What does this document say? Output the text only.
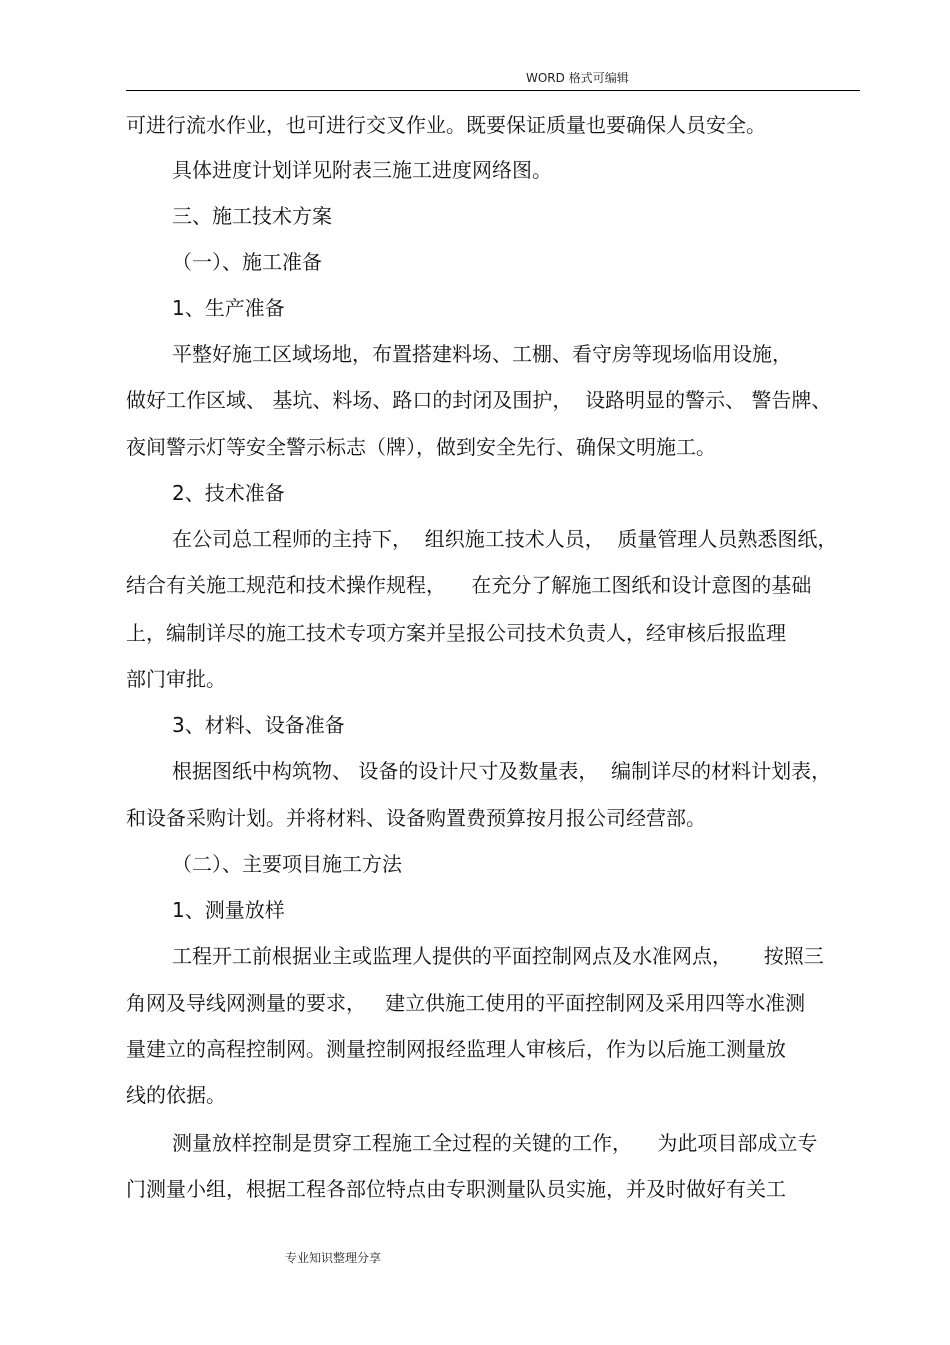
WORD 格式可编辑
可进行流水作业，也可进行交叉作业。既要保证质量也要确保人员安全。
具体进度计划详见附表三施工进度网络图。
三、施工技术方案
（一）、施工准备
1、生产准备
平整好施工区域场地，布置搭建料场、工棚、看守房等现场临用设施，
做好工作区域、 基坑、料场、路口的封闭及围护，  设路明显的警示、 警告牌、
夜间警示灯等安全警示标志（牌），做到安全先行、确保文明施工。
2、技术准备
在公司总工程师的主持下，  组织施工技术人员，  质量管理人员熟悉图纸，
结合有关施工规范和技术操作规程，    在充分了解施工图纸和设计意图的基础
上，编制详尽的施工技术专项方案并呈报公司技术负责人，经审核后报监理
部门审批。
3、材料、设备准备
根据图纸中构筑物、 设备的设计尺寸及数量表，  编制详尽的材料计划表，
和设备采购计划。并将材料、设备购置费预算按月报公司经营部。
（二）、主要项目施工方法
1、测量放样
工程开工前根据业主或监理人提供的平面控制网点及水准网点，     按照三
角网及导线网测量的要求，   建立供施工使用的平面控制网及采用四等水准测
量建立的高程控制网。测量控制网报经监理人审核后，作为以后施工测量放
线的依据。
测量放样控制是贯穿工程施工全过程的关键的工作，    为此项目部成立专
门测量小组，根据工程各部位特点由专职测量队员实施，并及时做好有关工
专业知识整理分享
